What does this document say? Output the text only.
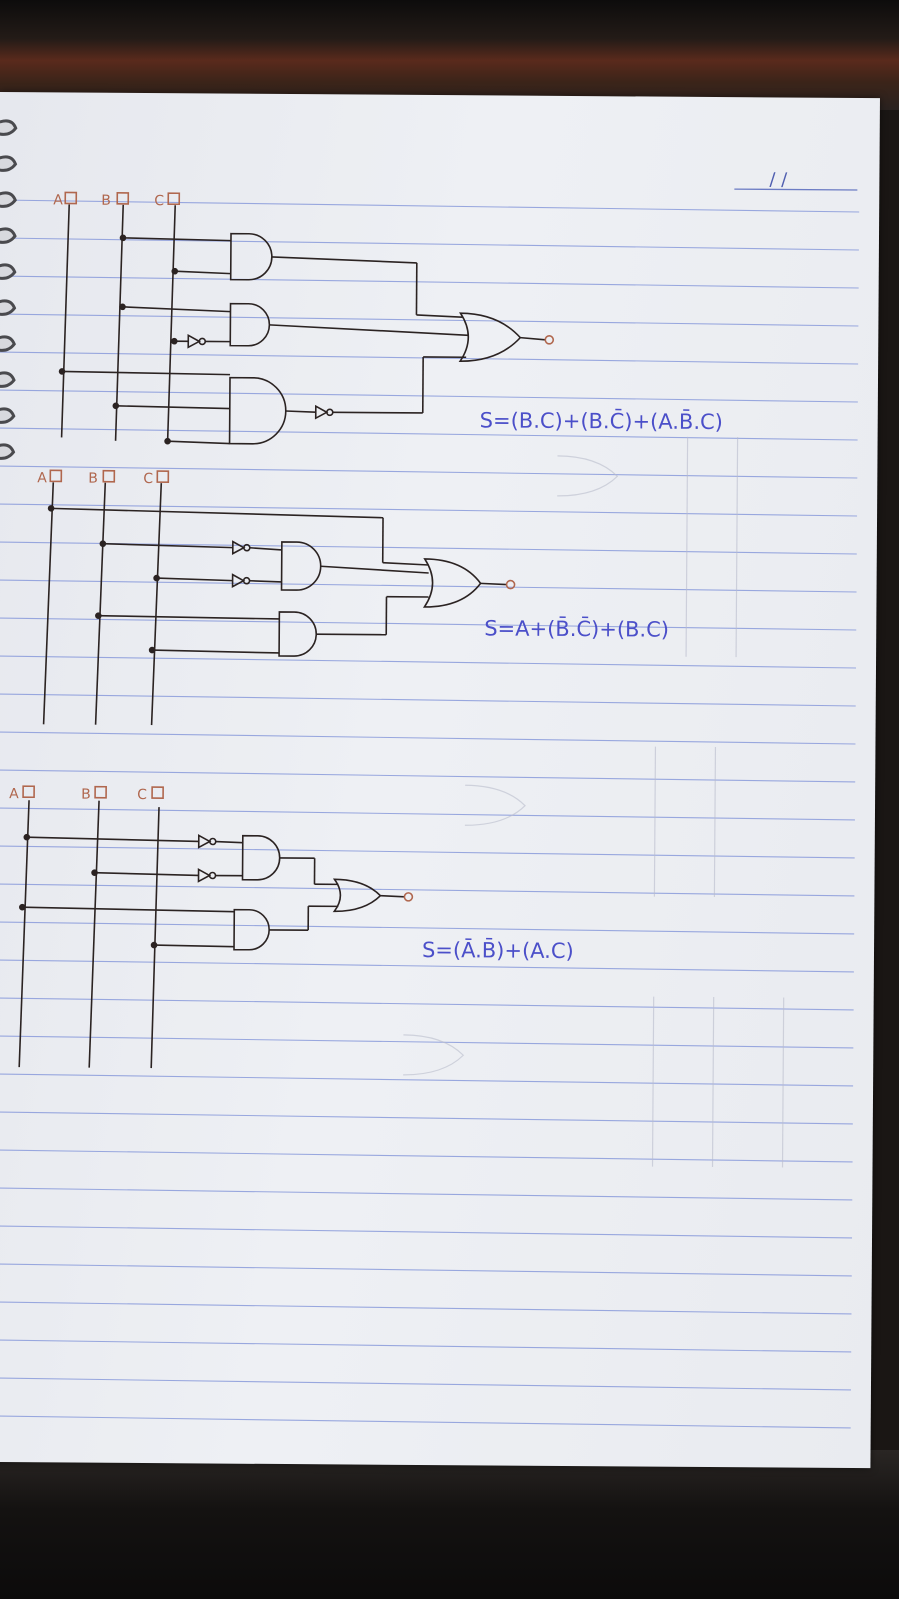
/ /
A	B	C
S=(B.C)+(B.C̄)+(A.B̄.C)
A	B	C
S=A+(B̄.C̄)+(B.C)
A	B	C
S=(Ā.B̄)+(A.C)
